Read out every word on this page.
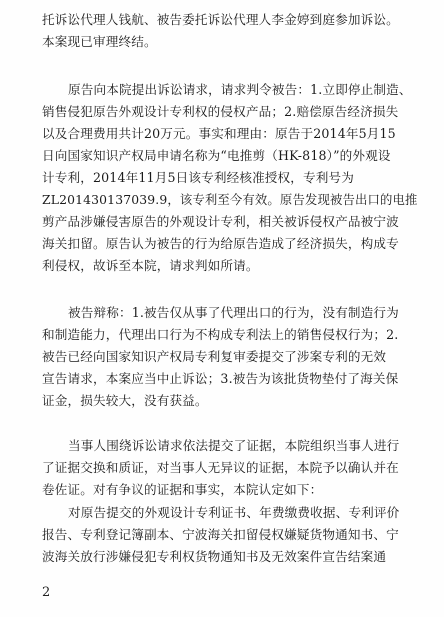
托诉讼代理人钱航、被告委托诉讼代理人李金婷到庭参加诉讼。
本案现已审理终结。
原告向本院提出诉讼请求，请求判令被告：1.立即停止制造、
销售侵犯原告外观设计专利权的侵权产品；2.赔偿原告经济损失
以及合理费用共计20万元。事实和理由：原告于2014年5月15
日向国家知识产权局申请名称为“电推剪（HK-818）”的外观设
计专利，2014年11月5日该专利经核准授权，专利号为
ZL201430137039.9，该专利至今有效。原告发现被告出口的电推
剪产品涉嫌侵害原告的外观设计专利，相关被诉侵权产品被宁波
海关扣留。原告认为被告的行为给原告造成了经济损失，构成专
利侵权，故诉至本院，请求判如所请。
被告辩称：1.被告仅从事了代理出口的行为，没有制造行为
和制造能力，代理出口行为不构成专利法上的销售侵权行为；2.
被告已经向国家知识产权局专利复审委提交了涉案专利的无效
宣告请求，本案应当中止诉讼；3.被告为该批货物垫付了海关保
证金，损失较大，没有获益。
当事人围绕诉讼请求依法提交了证据，本院组织当事人进行
了证据交换和质证，对当事人无异议的证据，本院予以确认并在
卷佐证。对有争议的证据和事实，本院认定如下：
对原告提交的外观设计专利证书、年费缴费收据、专利评价
报告、专利登记簿副本、宁波海关扣留侵权嫌疑货物通知书、宁
波海关放行涉嫌侵犯专利权货物通知书及无效案件宣告结案通
2
